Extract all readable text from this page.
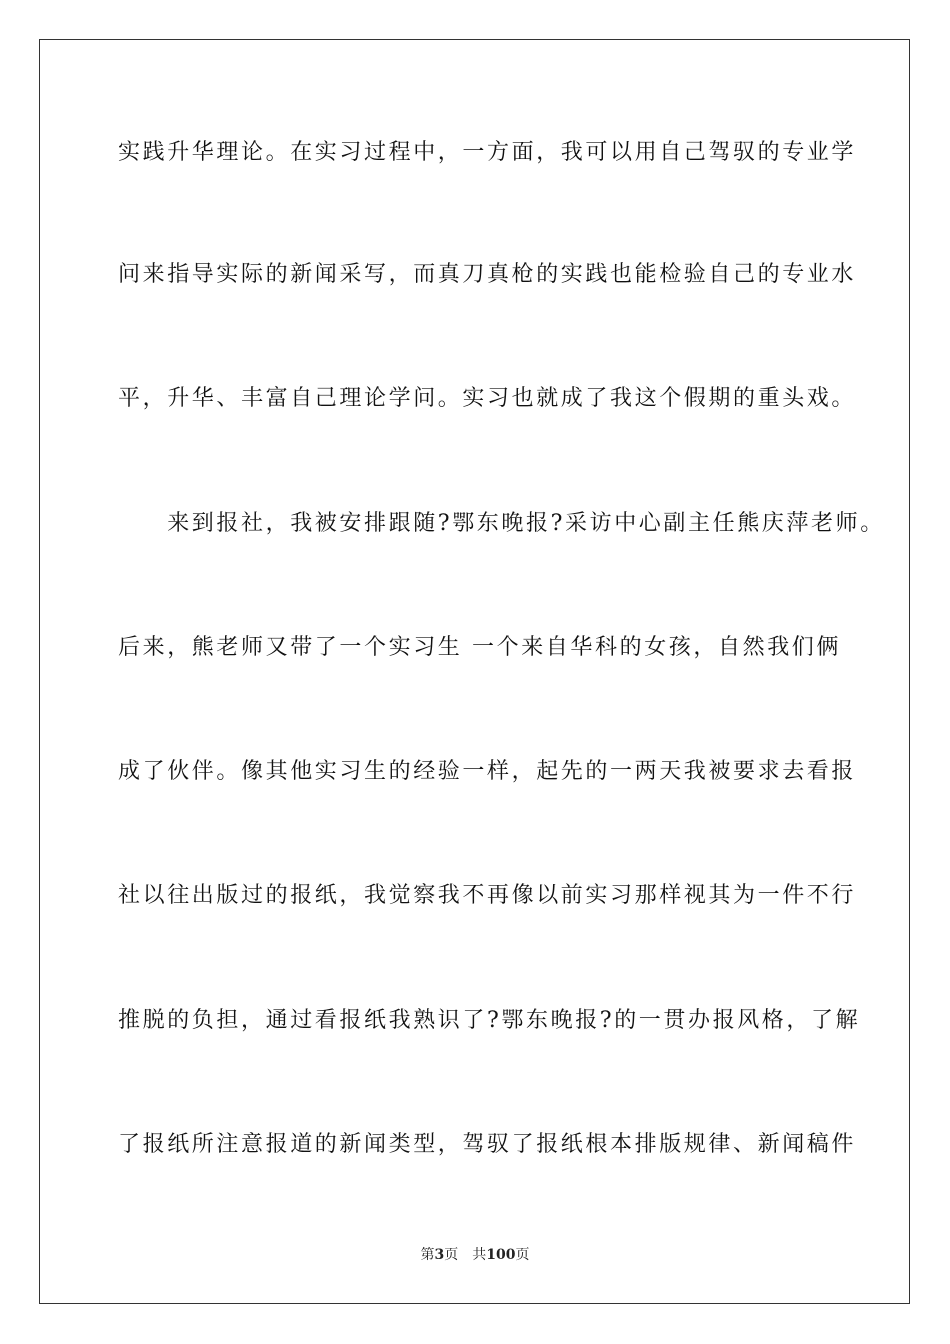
实践升华理论。在实习过程中，一方面，我可以用自己驾驭的专业学
问来指导实际的新闻采写，而真刀真枪的实践也能检验自己的专业水
平，升华、丰富自己理论学问。实习也就成了我这个假期的重头戏。
　　来到报社，我被安排跟随?鄂东晚报?采访中心副主任熊庆萍老师。
后来，熊老师又带了一个实习生 一个来自华科的女孩，自然我们俩
成了伙伴。像其他实习生的经验一样，起先的一两天我被要求去看报
社以往出版过的报纸，我觉察我不再像以前实习那样视其为一件不行
推脱的负担，通过看报纸我熟识了?鄂东晚报?的一贯办报风格，了解
了报纸所注意报道的新闻类型，驾驭了报纸根本排版规律、新闻稿件
第3页 共100页
